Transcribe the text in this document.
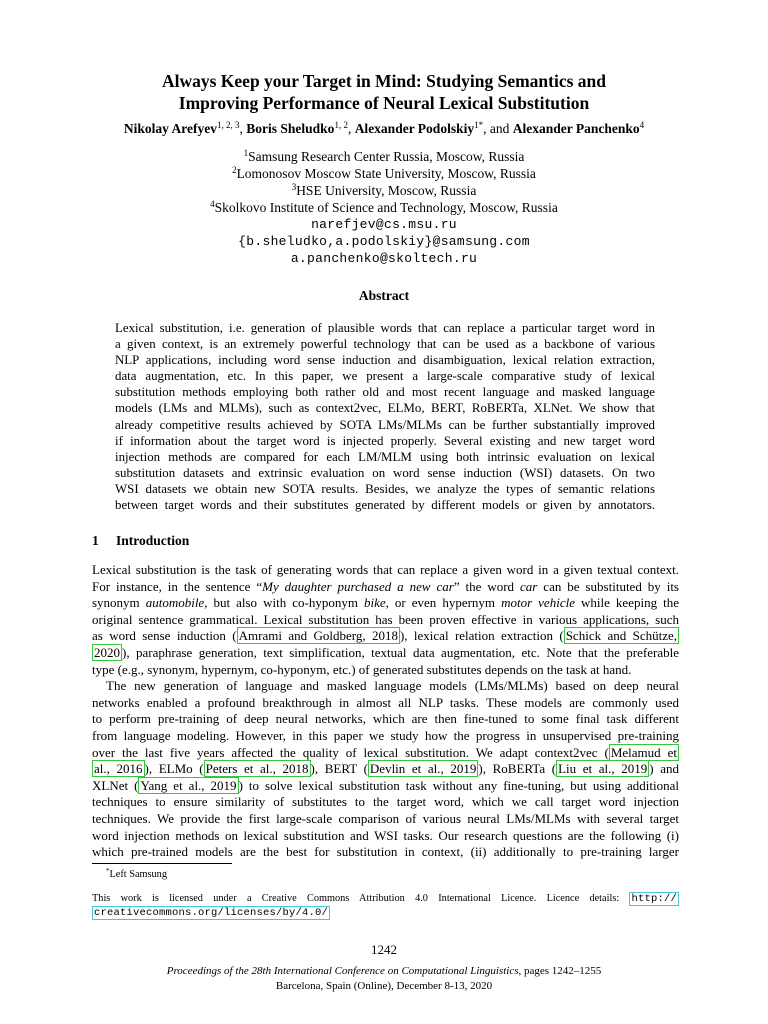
Always Keep your Target in Mind: Studying Semantics and
Improving Performance of Neural Lexical Substitution
Nikolay Arefyev$^{1, 2, 3}$, Boris Sheludko$^{1, 2}$, Alexander Podolskiy$^{1*}$, and Alexander Panchenko$^4$
$^1$Samsung Research Center Russia, Moscow, Russia
$^2$Lomonosov Moscow State University, Moscow, Russia
$^3$HSE University, Moscow, Russia
$^4$Skolkovo Institute of Science and Technology, Moscow, Russia
narefjev@cs.msu.ru
{b.sheludko,a.podolskiy}@samsung.com
a.panchenko@skoltech.ru
Abstract
Lexical substitution, i.e. generation of plausible words that can replace a particular target word in
a given context, is an extremely powerful technology that can be used as a backbone of various
NLP applications, including word sense induction and disambiguation, lexical relation extraction,
data augmentation, etc. In this paper, we present a large-scale comparative study of lexical
substitution methods employing both rather old and most recent language and masked language
models (LMs and MLMs), such as context2vec, ELMo, BERT, RoBERTa, XLNet. We show that
already competitive results achieved by SOTA LMs/MLMs can be further substantially improved
if information about the target word is injected properly. Several existing and new target word
injection methods are compared for each LM/MLM using both intrinsic evaluation on lexical
substitution datasets and extrinsic evaluation on word sense induction (WSI) datasets. On two
WSI datasets we obtain new SOTA results. Besides, we analyze the types of semantic relations
between target words and their substitutes generated by different models or given by annotators.
1 Introduction
Lexical substitution is the task of generating words that can replace a given word in a given textual context.
For instance, in the sentence “My daughter purchased a new car” the word car can be substituted by its
synonym automobile, but also with co-hyponym bike, or even hypernym motor vehicle while keeping the
original sentence grammatical. Lexical substitution has been proven effective in various applications, such
as word sense induction ( Amrami and Goldberg, 2018 ), lexical relation extraction ( Schick and Schütze,
2020 ), paraphrase generation, text simplification, textual data augmentation, etc. Note that the preferable
type (e.g., synonym, hypernym, co-hyponym, etc.) of generated substitutes depends on the task at hand.
The new generation of language and masked language models (LMs/MLMs) based on deep neural
networks enabled a profound breakthrough in almost all NLP tasks. These models are commonly used
to perform pre-training of deep neural networks, which are then fine-tuned to some final task different
from language modeling. However, in this paper we study how the progress in unsupervised pre-training
over the last five years affected the quality of lexical substitution. We adapt context2vec ( Melamud et
al., 2016 ), ELMo ( Peters et al., 2018 ), BERT ( Devlin et al., 2019 ), RoBERTa ( Liu et al., 2019 ) and
XLNet ( Yang et al., 2019 ) to solve lexical substitution task without any fine-tuning, but using additional
techniques to ensure similarity of substitutes to the target word, which we call target word injection
techniques. We provide the first large-scale comparison of various neural LMs/MLMs with several target
word injection methods on lexical substitution and WSI tasks. Our research questions are the following (i)
which pre-trained models are the best for substitution in context, (ii) additionally to pre-training larger
*Left Samsung
This work is licensed under a Creative Commons Attribution 4.0 International Licence. Licence details: http://
creativecommons.org/licenses/by/4.0/
1242
Proceedings of the 28th International Conference on Computational Linguistics, pages 1242–1255
Barcelona, Spain (Online), December 8-13, 2020
